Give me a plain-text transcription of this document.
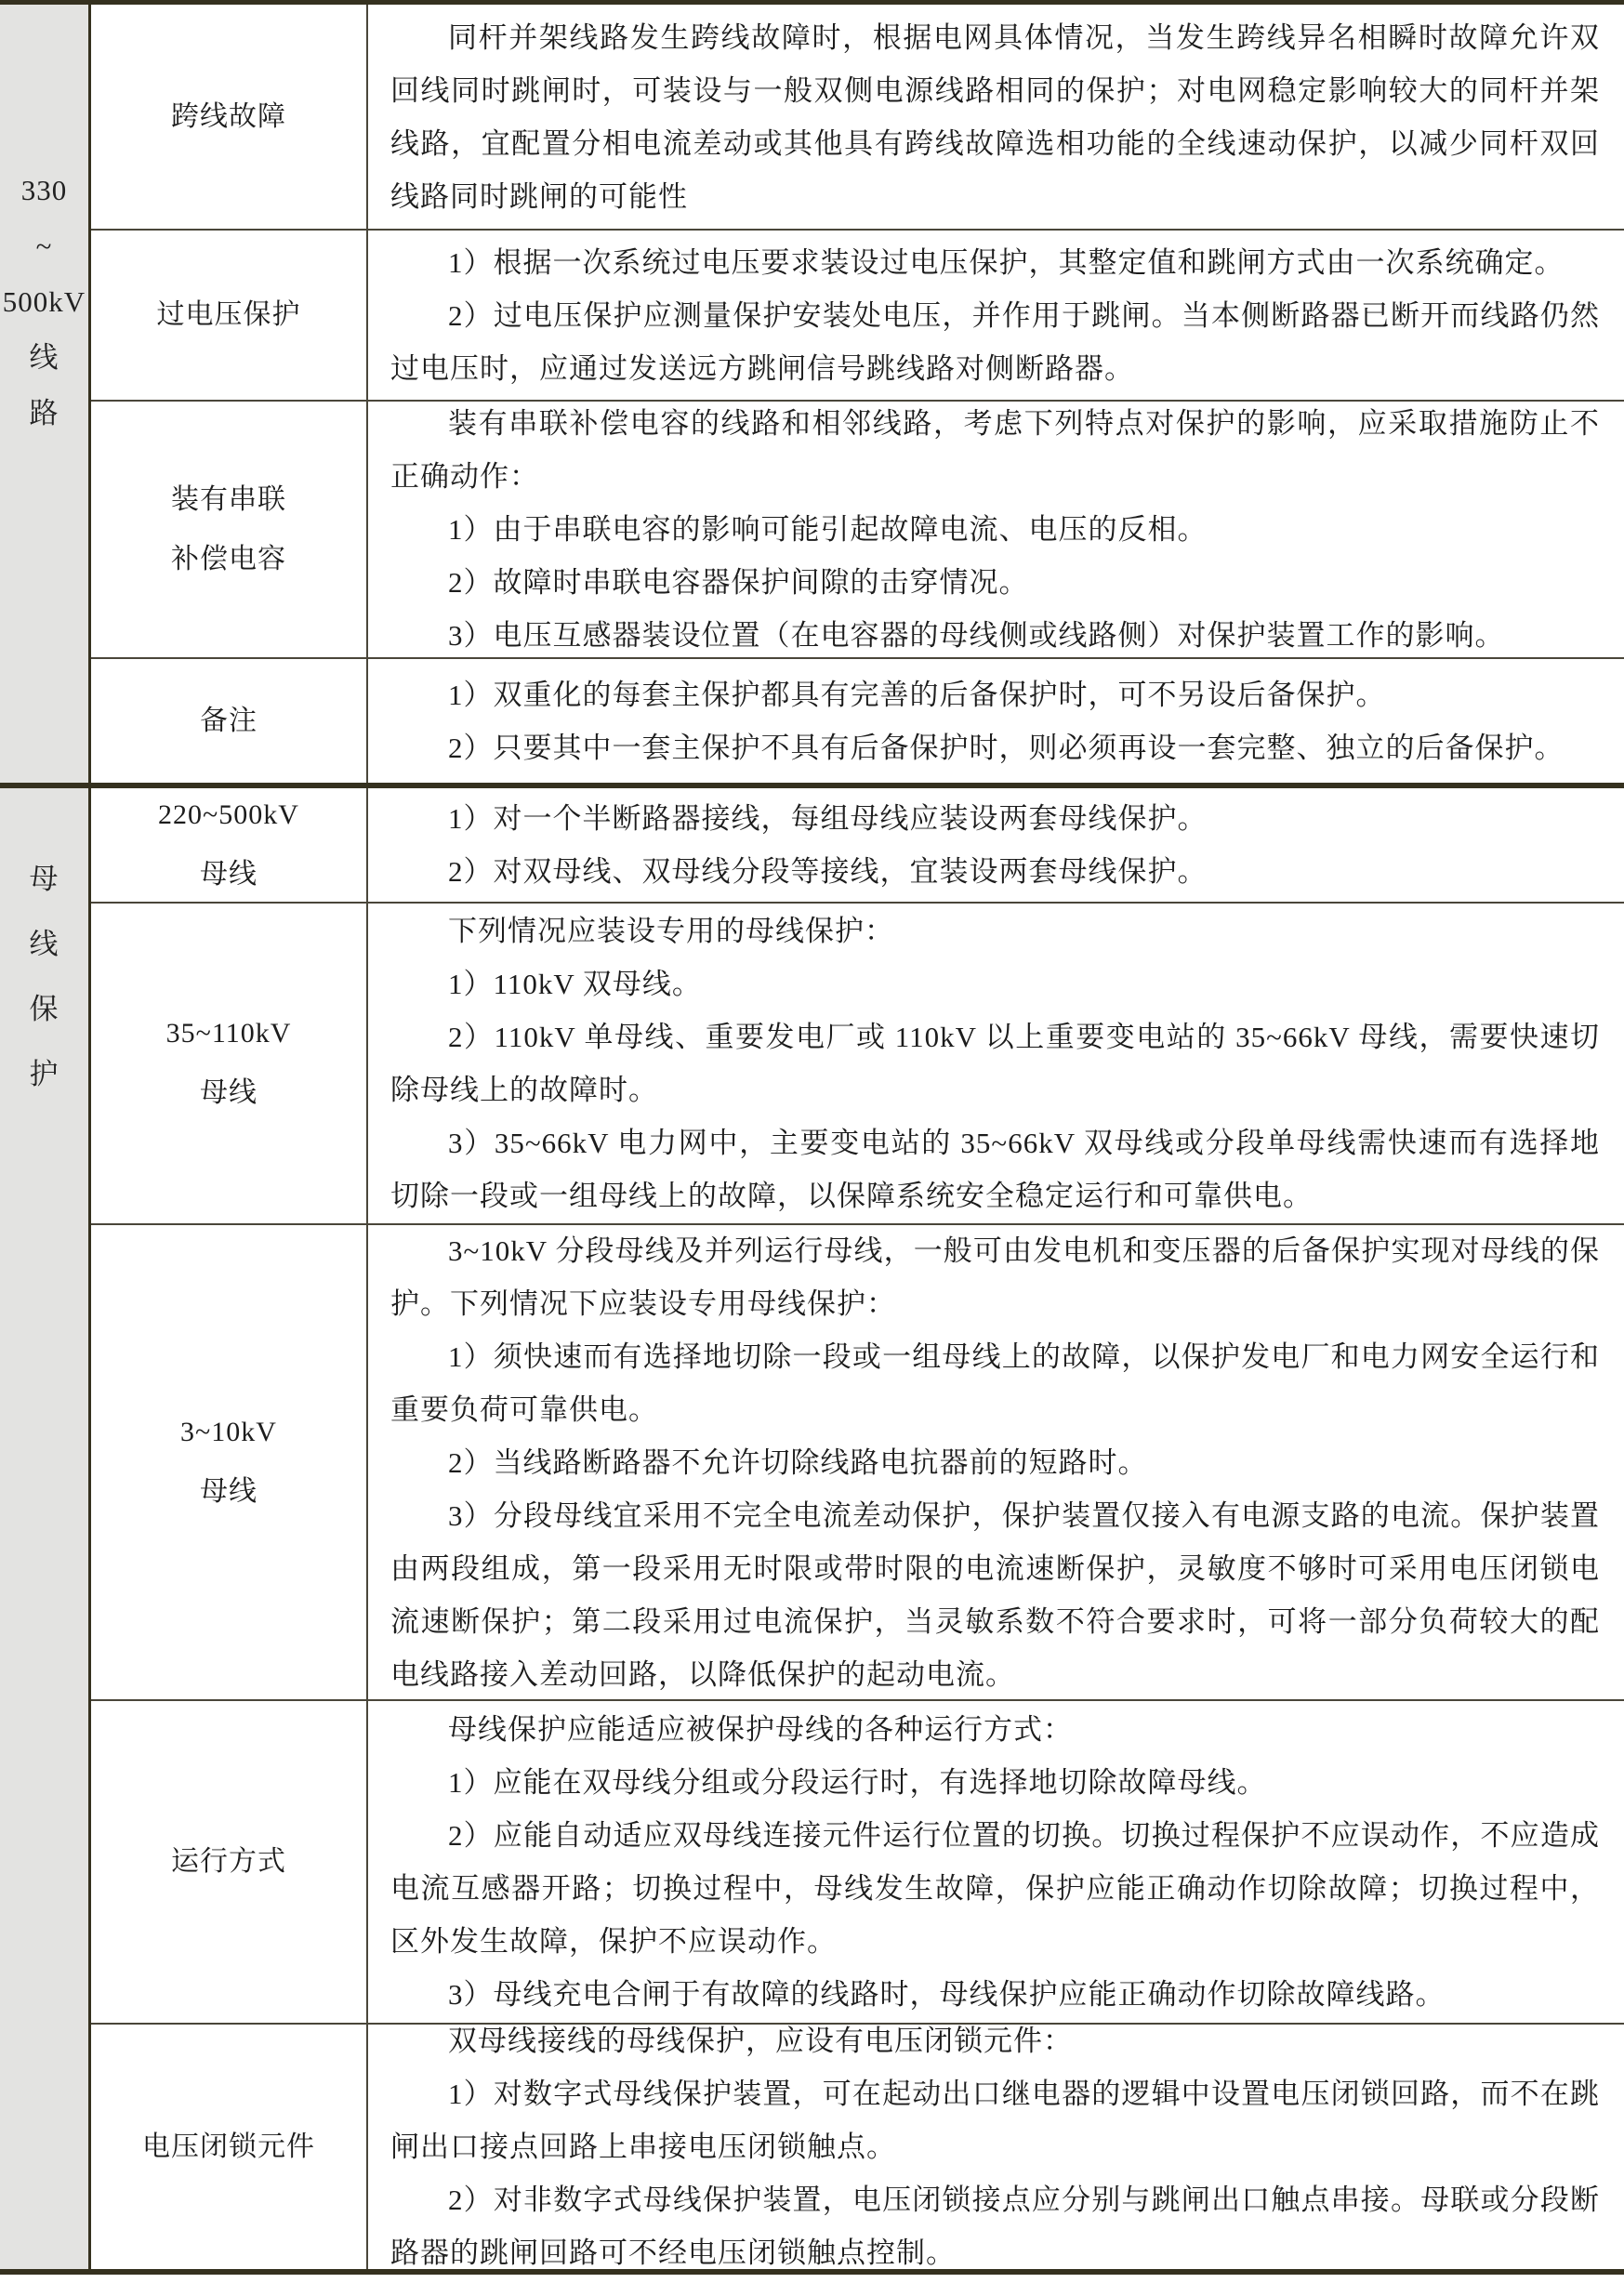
330
~
500kV
线
路
跨线故障

同杆并架线路发生跨线故障时，根据电网具体情况，当发生跨线异名相瞬时故障允许双回线同时跳闸时，可装设与一般双侧电源线路相同的保护；对电网稳定影响较大的同杆并架线路，宜配置分相电流差动或其他具有跨线故障选相功能的全线速动保护，以减少同杆双回线路同时跳闸的可能性

过电压保护

1）根据一次系统过电压要求装设过电压保护，其整定值和跳闸方式由一次系统确定。

2）过电压保护应测量保护安装处电压，并作用于跳闸。当本侧断路器已断开而线路仍然过电压时，应通过发送远方跳闸信号跳线路对侧断路器。

装有串联
补偿电容

装有串联补偿电容的线路和相邻线路，考虑下列特点对保护的影响，应采取措施防止不正确动作：

1）由于串联电容的影响可能引起故障电流、电压的反相。

2）故障时串联电容器保护间隙的击穿情况。

3）电压互感器装设位置（在电容器的母线侧或线路侧）对保护装置工作的影响。

备注

1）双重化的每套主保护都具有完善的后备保护时，可不另设后备保护。

2）只要其中一套主保护不具有后备保护时，则必须再设一套完整、独立的后备保护。

母
线
保
护
220~500kV
母线

1）对一个半断路器接线，每组母线应装设两套母线保护。

2）对双母线、双母线分段等接线，宜装设两套母线保护。

35~110kV
母线

下列情况应装设专用的母线保护：

1）110kV 双母线。

2）110kV 单母线、重要发电厂或 110kV 以上重要变电站的 35~66kV 母线，需要快速切除母线上的故障时。

3）35~66kV 电力网中，主要变电站的 35~66kV 双母线或分段单母线需快速而有选择地切除一段或一组母线上的故障，以保障系统安全稳定运行和可靠供电。

3~10kV
母线

3~10kV 分段母线及并列运行母线，一般可由发电机和变压器的后备保护实现对母线的保护。下列情况下应装设专用母线保护：

1）须快速而有选择地切除一段或一组母线上的故障，以保护发电厂和电力网安全运行和重要负荷可靠供电。

2）当线路断路器不允许切除线路电抗器前的短路时。

3）分段母线宜采用不完全电流差动保护，保护装置仅接入有电源支路的电流。保护装置由两段组成，第一段采用无时限或带时限的电流速断保护，灵敏度不够时可采用电压闭锁电流速断保护；第二段采用过电流保护，当灵敏系数不符合要求时，可将一部分负荷较大的配电线路接入差动回路，以降低保护的起动电流。

运行方式

母线保护应能适应被保护母线的各种运行方式：

1）应能在双母线分组或分段运行时，有选择地切除故障母线。

2）应能自动适应双母线连接元件运行位置的切换。切换过程保护不应误动作，不应造成电流互感器开路；切换过程中，母线发生故障，保护应能正确动作切除故障；切换过程中，区外发生故障，保护不应误动作。

3）母线充电合闸于有故障的线路时，母线保护应能正确动作切除故障线路。

电压闭锁元件

双母线接线的母线保护，应设有电压闭锁元件：

1）对数字式母线保护装置，可在起动出口继电器的逻辑中设置电压闭锁回路，而不在跳闸出口接点回路上串接电压闭锁触点。

2）对非数字式母线保护装置，电压闭锁接点应分别与跳闸出口触点串接。母联或分段断路器的跳闸回路可不经电压闭锁触点控制。
